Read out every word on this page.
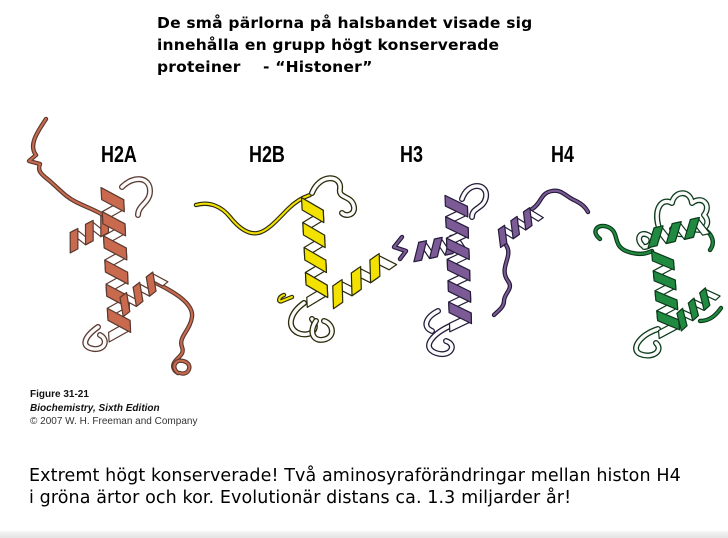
De små pärlorna på halsbandet visade sig
innehålla en grupp högt konserverade
proteiner    - “Histoner”
H2A	H2B	H3	H4
Figure 31-21
Biochemistry, Sixth Edition
© 2007 W. H. Freeman and Company
Extremt högt konserverade! Två aminosyraförändringar mellan histon H4
i gröna ärtor och kor. Evolutionär distans ca. 1.3 miljarder år!
